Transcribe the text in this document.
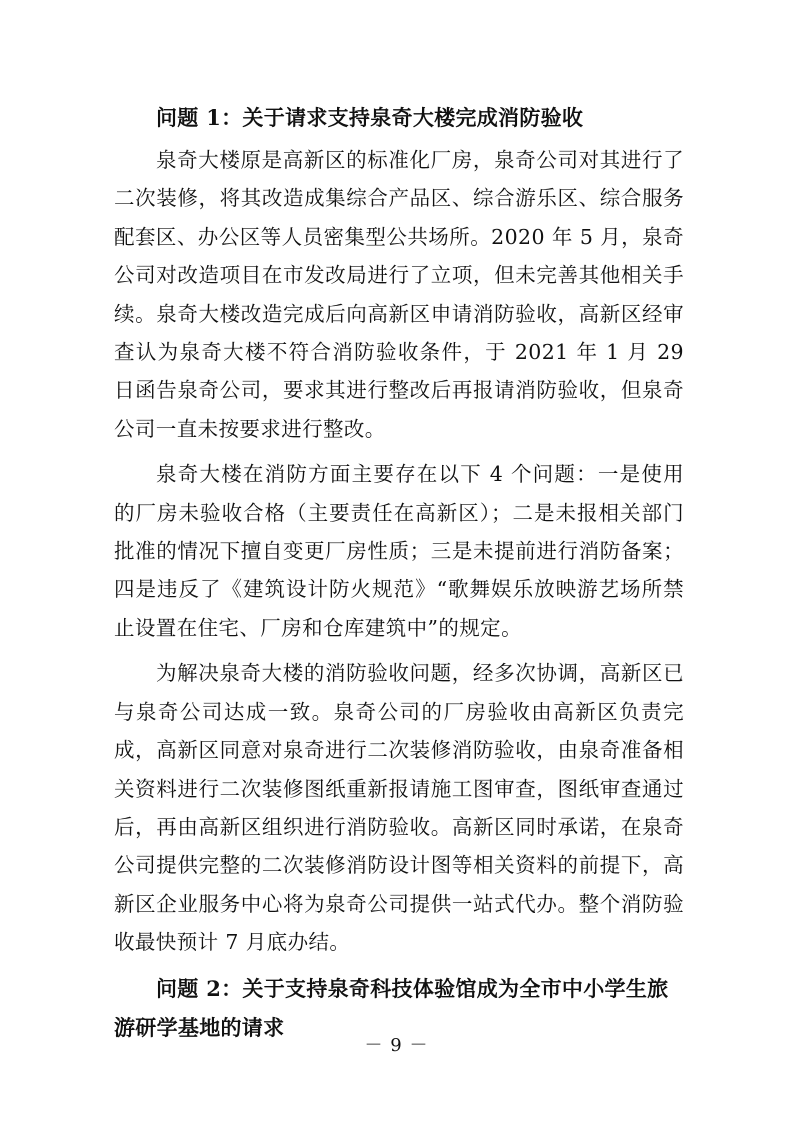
问题 1：关于请求支持泉奇大楼完成消防验收

泉奇大楼原是高新区的标准化厂房，泉奇公司对其进行了二次装修，将其改造成集综合产品区、综合游乐区、综合服务配套区、办公区等人员密集型公共场所。2020 年 5 月，泉奇公司对改造项目在市发改局进行了立项，但未完善其他相关手续。泉奇大楼改造完成后向高新区申请消防验收，高新区经审查认为泉奇大楼不符合消防验收条件，于 2021 年 1 月 29 日函告泉奇公司，要求其进行整改后再报请消防验收，但泉奇公司一直未按要求进行整改。

泉奇大楼在消防方面主要存在以下 4 个问题：一是使用的厂房未验收合格（主要责任在高新区）；二是未报相关部门批准的情况下擅自变更厂房性质；三是未提前进行消防备案；四是违反了《建筑设计防火规范》“歌舞娱乐放映游艺场所禁止设置在住宅、厂房和仓库建筑中”的规定。

为解决泉奇大楼的消防验收问题，经多次协调，高新区已与泉奇公司达成一致。泉奇公司的厂房验收由高新区负责完成，高新区同意对泉奇进行二次装修消防验收，由泉奇准备相关资料进行二次装修图纸重新报请施工图审查，图纸审查通过后，再由高新区组织进行消防验收。高新区同时承诺，在泉奇公司提供完整的二次装修消防设计图等相关资料的前提下，高新区企业服务中心将为泉奇公司提供一站式代办。整个消防验收最快预计 7 月底办结。

问题 2：关于支持泉奇科技体验馆成为全市中小学生旅游研学基地的请求

－ 9 －
